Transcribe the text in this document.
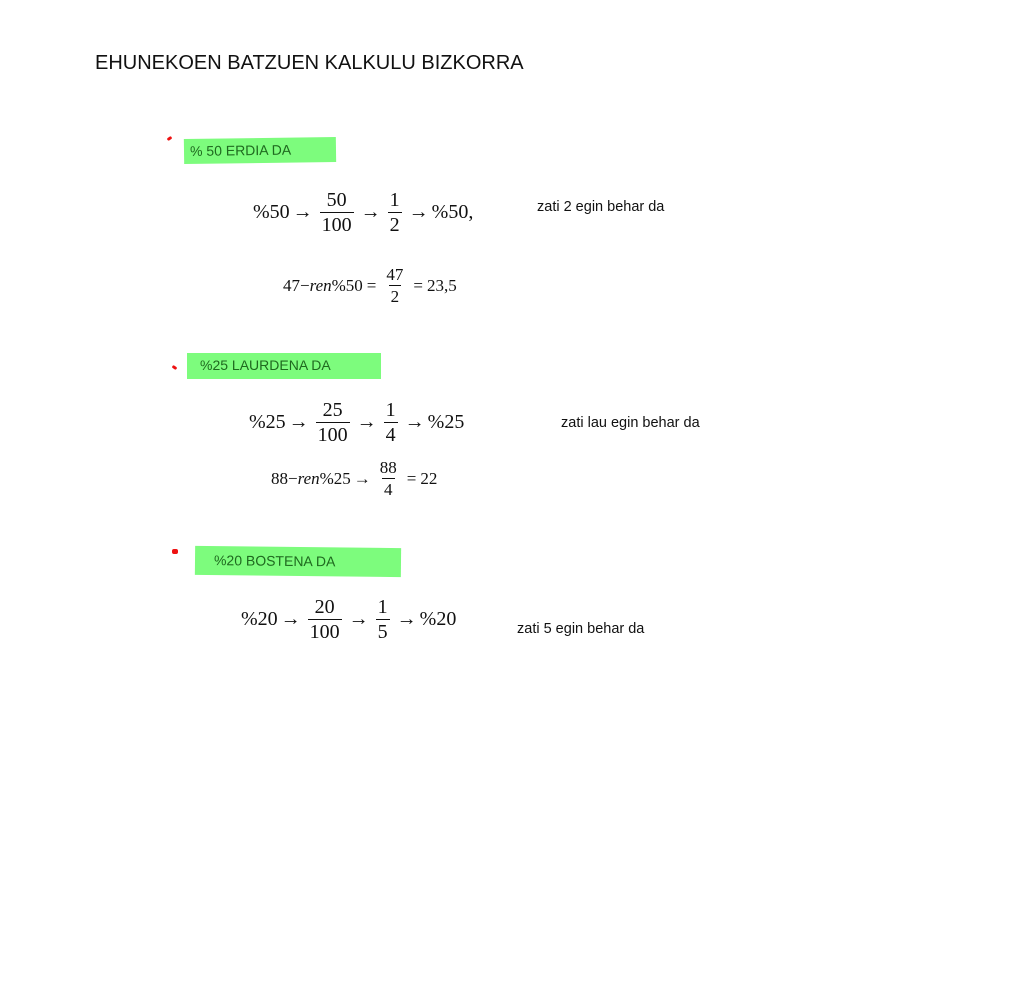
EHUNEKOEN BATZUEN KALKULU BIZKORRA
% 50 ERDIA DA
$\%50 \to \frac{50}{100} \to \frac{1}{2} \to \%50$,	zati 2 egin behar da
47 − ren $\%50 = \frac{47}{2} = 23,5$
%25 LAURDENA DA
$\%25 \to \frac{25}{100} \to \frac{1}{4} \to \%25$	zati lau egin behar da
88 − ren $\%25 \to \frac{88}{4} = 22$
%20 BOSTENA DA
$\%20 \to \frac{20}{100} \to \frac{1}{5} \to \%20$	zati 5 egin behar da
